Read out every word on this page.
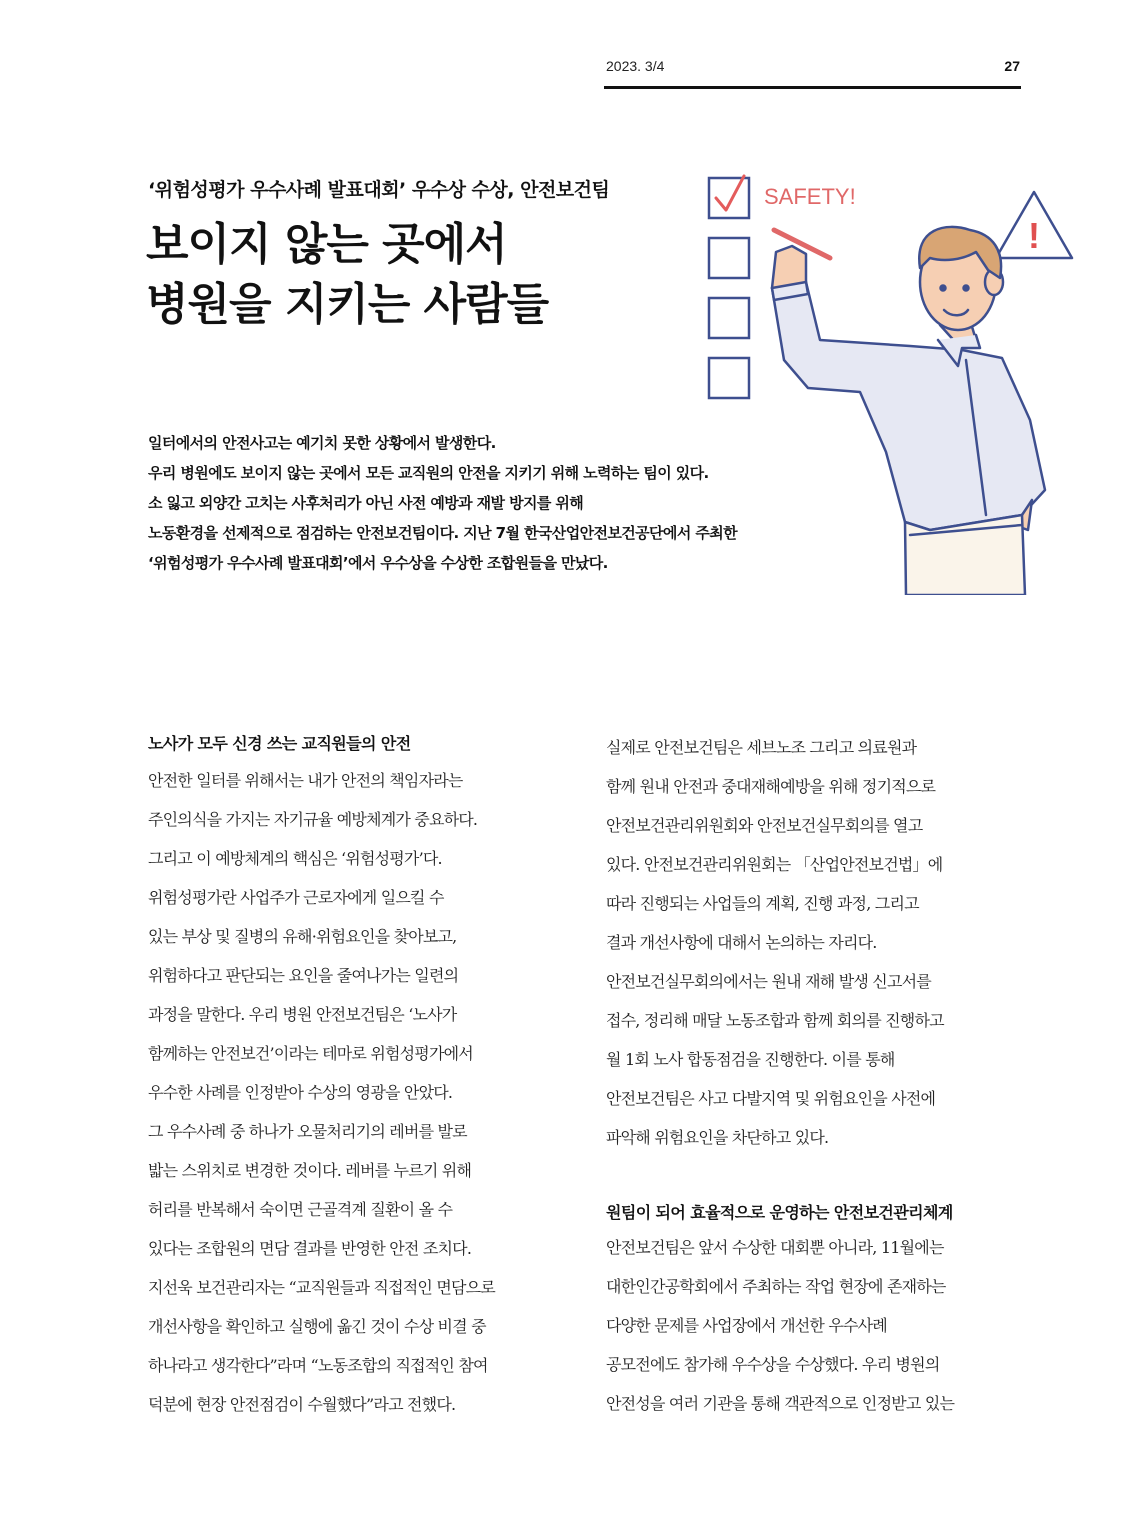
2023. 3/4	27
‘위험성평가 우수사례 발표대회’ 우수상 수상, 안전보건팀
보이지 않는 곳에서
병원을 지키는 사람들
일터에서의 안전사고는 예기치 못한 상황에서 발생한다.
우리 병원에도 보이지 않는 곳에서 모든 교직원의 안전을 지키기 위해 노력하는 팀이 있다.
소 잃고 외양간 고치는 사후처리가 아닌 사전 예방과 재발 방지를 위해
노동환경을 선제적으로 점검하는 안전보건팀이다. 지난 7월 한국산업안전보건공단에서 주최한
‘위험성평가 우수사례 발표대회’에서 우수상을 수상한 조합원들을 만났다.
SAFETY!
!
노사가 모두 신경 쓰는 교직원들의 안전
안전한 일터를 위해서는 내가 안전의 책임자라는
주인의식을 가지는 자기규율 예방체계가 중요하다.
그리고 이 예방체계의 핵심은 ‘위험성평가’다.
위험성평가란 사업주가 근로자에게 일으킬 수
있는 부상 및 질병의 유해·위험요인을 찾아보고,
위험하다고 판단되는 요인을 줄여나가는 일련의
과정을 말한다. 우리 병원 안전보건팀은 ‘노사가
함께하는 안전보건’이라는 테마로 위험성평가에서
우수한 사례를 인정받아 수상의 영광을 안았다.
그 우수사례 중 하나가 오물처리기의 레버를 발로
밟는 스위치로 변경한 것이다. 레버를 누르기 위해
허리를 반복해서 숙이면 근골격계 질환이 올 수
있다는 조합원의 면담 결과를 반영한 안전 조치다.
지선욱 보건관리자는 “교직원들과 직접적인 면담으로
개선사항을 확인하고 실행에 옮긴 것이 수상 비결 중
하나라고 생각한다”라며 “노동조합의 직접적인 참여
덕분에 현장 안전점검이 수월했다”라고 전했다.
실제로 안전보건팀은 세브노조 그리고 의료원과
함께 원내 안전과 중대재해예방을 위해 정기적으로
안전보건관리위원회와 안전보건실무회의를 열고
있다. 안전보건관리위원회는 「산업안전보건법」에
따라 진행되는 사업들의 계획, 진행 과정, 그리고
결과 개선사항에 대해서 논의하는 자리다.
안전보건실무회의에서는 원내 재해 발생 신고서를
접수, 정리해 매달 노동조합과 함께 회의를 진행하고
월 1회 노사 합동점검을 진행한다. 이를 통해
안전보건팀은 사고 다발지역 및 위험요인을 사전에
파악해 위험요인을 차단하고 있다.
원팀이 되어 효율적으로 운영하는 안전보건관리체계
안전보건팀은 앞서 수상한 대회뿐 아니라, 11월에는
대한인간공학회에서 주최하는 작업 현장에 존재하는
다양한 문제를 사업장에서 개선한 우수사례
공모전에도 참가해 우수상을 수상했다. 우리 병원의
안전성을 여러 기관을 통해 객관적으로 인정받고 있는
